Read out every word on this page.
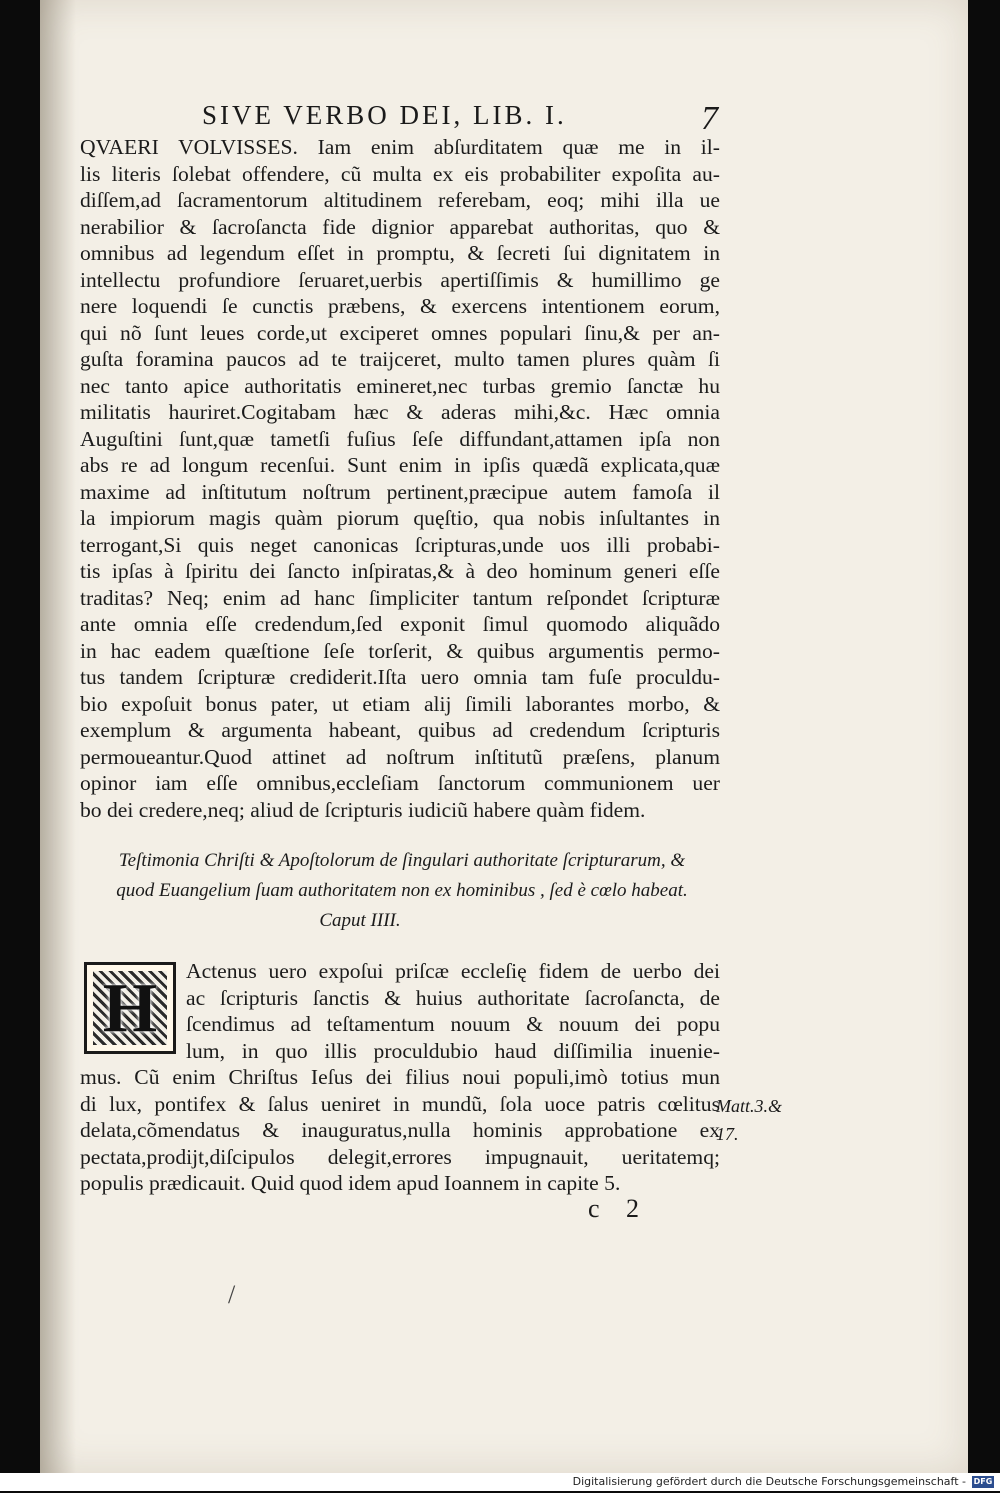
SIVE VERBO DEI, LIB. I.	7
QVAERI VOLVISSES. Iam enim abſurditatem quæ me in il-
lis literis ſolebat offendere, cũ multa ex eis probabiliter expoſita au-
diſſem,ad ſacramentorum altitudinem referebam, eoq; mihi illa ue
nerabilior & ſacroſancta fide dignior apparebat authoritas, quo &
omnibus ad legendum eſſet in promptu, & ſecreti ſui dignitatem in
intellectu profundiore ſeruaret,uerbis apertiſſimis & humillimo ge
nere loquendi ſe cunctis præbens, & exercens intentionem eorum,
qui nõ ſunt leues corde,ut exciperet omnes populari ſinu,& per an-
guſta foramina paucos ad te traijceret, multo tamen plures quàm ſi
nec tanto apice authoritatis emineret,nec turbas gremio ſanctæ hu
militatis hauriret.Cogitabam hæc & aderas mihi,&c. Hæc omnia
Auguſtini ſunt,quæ tametſi fuſius ſeſe diffundant,attamen ipſa non
abs re ad longum recenſui. Sunt enim in ipſis quædã explicata,quæ
maxime ad inſtitutum noſtrum pertinent,præcipue autem famoſa il
la impiorum magis quàm piorum quęſtio, qua nobis inſultantes in
terrogant,Si quis neget canonicas ſcripturas,unde uos illi probabi-
tis ipſas à ſpiritu dei ſancto inſpiratas,& à deo hominum generi eſſe
traditas? Neq; enim ad hanc ſimpliciter tantum reſpondet ſcripturæ
ante omnia eſſe credendum,ſed exponit ſimul quomodo aliquãdo
in hac eadem quæſtione ſeſe torſerit, & quibus argumentis permo-
tus tandem ſcripturæ crediderit.Iſta uero omnia tam fuſe proculdu-
bio expoſuit bonus pater, ut etiam alij ſimili laborantes morbo, &
exemplum & argumenta habeant, quibus ad credendum ſcripturis
permoueantur.Quod attinet ad noſtrum inſtitutũ præſens, planum
opinor iam eſſe omnibus,eccleſiam ſanctorum communionem uer
bo dei credere,neq; aliud de ſcripturis iudiciũ habere quàm fidem.
Teſtimonia Chriſti & Apoſtolorum de ſingulari authoritate ſcripturarum, &
quod Euangelium ſuam authoritatem non ex hominibus , ſed è cœlo habeat.
Caput IIII.
H	Actenus uero expoſui priſcæ eccleſię fidem de uerbo dei
ac ſcripturis ſanctis & huius authoritate ſacroſancta, de
ſcendimus ad teſtamentum nouum & nouum dei popu
lum, in quo illis proculdubio haud diſſimilia inuenie-
mus. Cũ enim Chriſtus Ieſus dei filius noui populi,imò totius mun
di lux, pontifex & ſalus ueniret in mundũ, ſola uoce patris cœlitus
delata,cõmendatus & inauguratus,nulla hominis approbatione ex
pectata,prodijt,diſcipulos delegit,errores impugnauit, ueritatemq;
populis prædicauit. Quid quod idem apud Ioannem in capite 5.
Matt.3.&
17.
c 2
/
Digitalisierung gefördert durch die Deutsche Forschungsgemeinschaft - DFG
